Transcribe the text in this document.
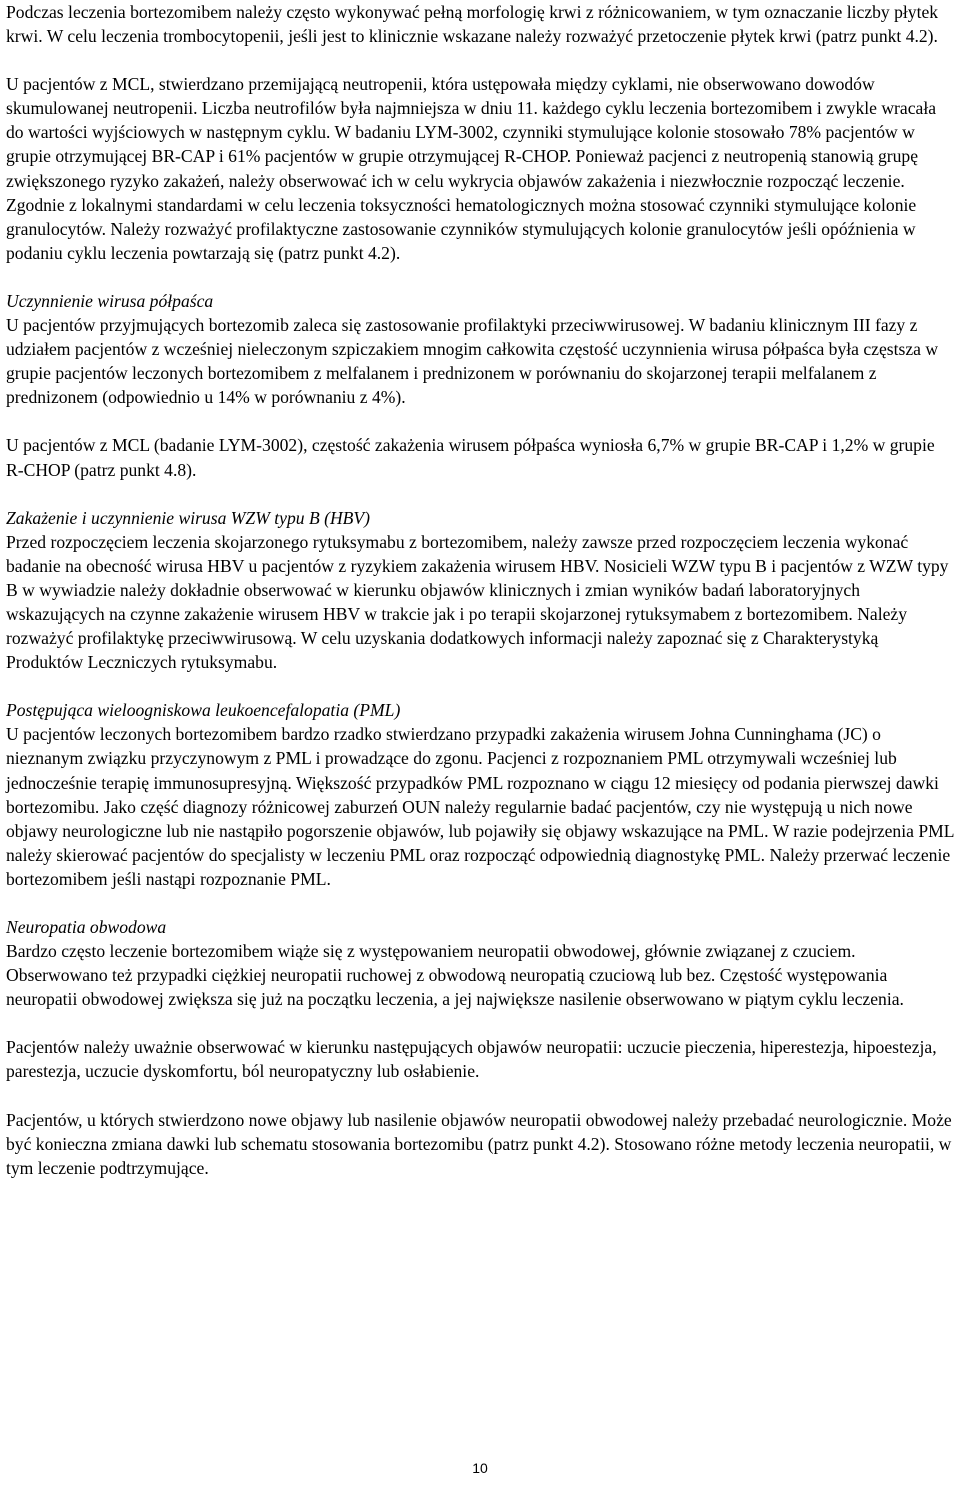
Podczas leczenia bortezomibem należy często wykonywać pełną morfologię krwi z różnicowaniem, w tym oznaczanie liczby płytek krwi. W celu leczenia trombocytopenii, jeśli jest to klinicznie wskazane należy rozważyć przetoczenie płytek krwi (patrz punkt 4.2).

U pacjentów z MCL, stwierdzano przemijającą neutropenii, która ustępowała między cyklami, nie obserwowano dowodów skumulowanej neutropenii. Liczba neutrofilów była najmniejsza w dniu 11. każdego cyklu leczenia bortezomibem i zwykle wracała do wartości wyjściowych w następnym cyklu. W badaniu LYM-3002, czynniki stymulujące kolonie stosowało 78% pacjentów w grupie otrzymującej BR-CAP i 61% pacjentów w grupie otrzymującej R-CHOP. Ponieważ pacjenci z neutropenią stanowią grupę zwiększonego ryzyko zakażeń, należy obserwować ich w celu wykrycia objawów zakażenia i niezwłocznie rozpocząć leczenie. Zgodnie z lokalnymi standardami w celu leczenia toksyczności hematologicznych można stosować czynniki stymulujące kolonie granulocytów. Należy rozważyć profilaktyczne zastosowanie czynników stymulujących kolonie granulocytów jeśli opóźnienia w podaniu cyklu leczenia powtarzają się (patrz punkt 4.2).

Uczynnienie wirusa półpaśca

U pacjentów przyjmujących bortezomib zaleca się zastosowanie profilaktyki przeciwwirusowej. W badaniu klinicznym III fazy z udziałem pacjentów z wcześniej nieleczonym szpiczakiem mnogim całkowita częstość uczynnienia wirusa półpaśca była częstsza w grupie pacjentów leczonych bortezomibem z melfalanem i prednizonem w porównaniu do skojarzonej terapii melfalanem z prednizonem (odpowiednio u 14% w porównaniu z 4%).

U pacjentów z MCL (badanie LYM-3002), częstość zakażenia wirusem półpaśca wyniosła 6,7% w grupie BR-CAP i 1,2% w grupie R-CHOP (patrz punkt 4.8).

Zakażenie i uczynnienie wirusa WZW typu B (HBV)

Przed rozpoczęciem leczenia skojarzonego rytuksymabu z bortezomibem, należy zawsze przed rozpoczęciem leczenia wykonać badanie na obecność wirusa HBV u pacjentów z ryzykiem zakażenia wirusem HBV. Nosicieli WZW typu B i pacjentów z WZW typy B w wywiadzie należy dokładnie obserwować w kierunku objawów klinicznych i zmian wyników badań laboratoryjnych wskazujących na czynne zakażenie wirusem HBV w trakcie jak i po terapii skojarzonej rytuksymabem z bortezomibem. Należy rozważyć profilaktykę przeciwwirusową. W celu uzyskania dodatkowych informacji należy zapoznać się z Charakterystyką Produktów Leczniczych rytuksymabu.

Postępująca wieloogniskowa leukoencefalopatia (PML)

U pacjentów leczonych bortezomibem bardzo rzadko stwierdzano przypadki zakażenia wirusem Johna Cunninghama (JC) o nieznanym związku przyczynowym z PML i prowadzące do zgonu. Pacjenci z rozpoznaniem PML otrzymywali wcześniej lub jednocześnie terapię immunosupresyjną. Większość przypadków PML rozpoznano w ciągu 12 miesięcy od podania pierwszej dawki bortezomibu. Jako część diagnozy różnicowej zaburzeń OUN należy regularnie badać pacjentów, czy nie występują u nich nowe objawy neurologiczne lub nie nastąpiło pogorszenie objawów, lub pojawiły się objawy wskazujące na PML. W razie podejrzenia PML należy skierować pacjentów do specjalisty w leczeniu PML oraz rozpocząć odpowiednią diagnostykę PML. Należy przerwać leczenie bortezomibem jeśli nastąpi rozpoznanie PML.

Neuropatia obwodowa

Bardzo często leczenie bortezomibem wiąże się z występowaniem neuropatii obwodowej, głównie związanej z czuciem. Obserwowano też przypadki ciężkiej neuropatii ruchowej z obwodową neuropatią czuciową lub bez. Częstość występowania neuropatii obwodowej zwiększa się już na początku leczenia, a jej największe nasilenie obserwowano w piątym cyklu leczenia.

Pacjentów należy uważnie obserwować w kierunku następujących objawów neuropatii: uczucie pieczenia, hiperestezja, hipoestezja, parestezja, uczucie dyskomfortu, ból neuropatyczny lub osłabienie.

Pacjentów, u których stwierdzono nowe objawy lub nasilenie objawów neuropatii obwodowej należy przebadać neurologicznie. Może być konieczna zmiana dawki lub schematu stosowania bortezomibu (patrz punkt 4.2). Stosowano różne metody leczenia neuropatii, w tym leczenie podtrzymujące.

10
